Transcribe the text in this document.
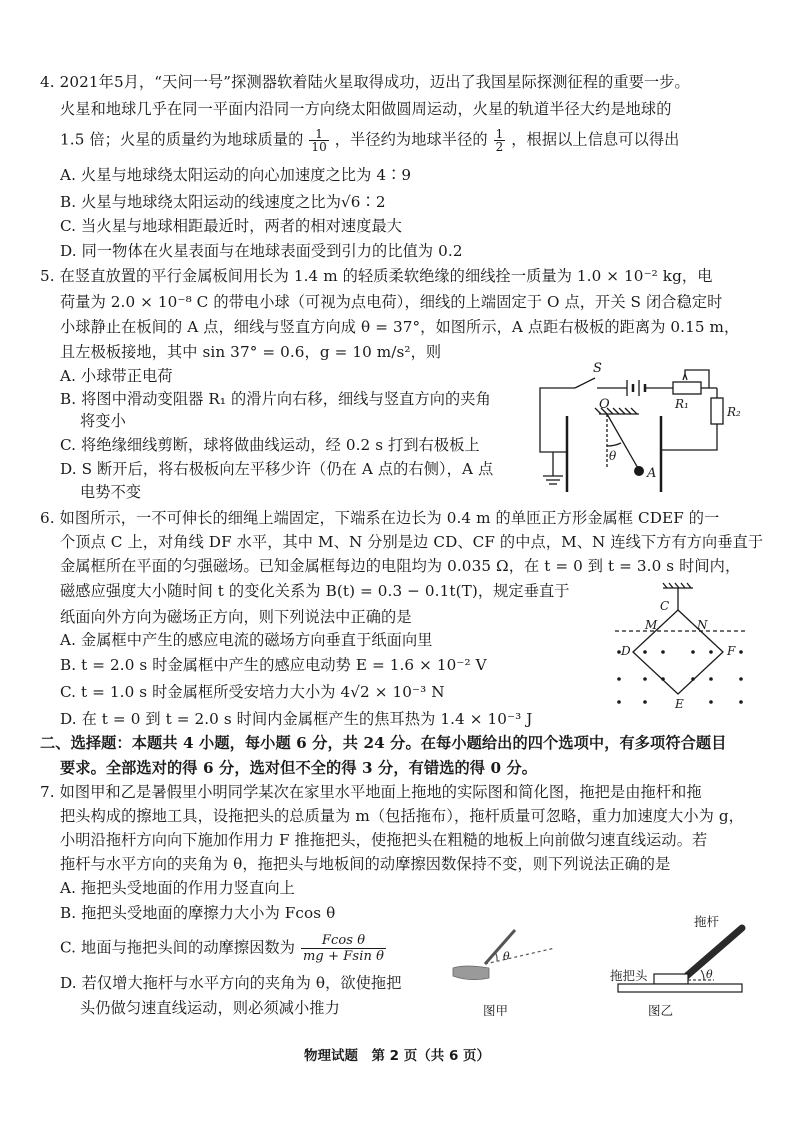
4. 2021年5月，“天问一号”探测器软着陆火星取得成功，迈出了我国星际探测征程的重要一步。
火星和地球几乎在同一平面内沿同一方向绕太阳做圆周运动，火星的轨道半径大约是地球的
1.5 倍；火星的质量约为地球质量的 $\frac{1}{10}$ ，半径约为地球半径的 $\frac{1}{2}$ ，根据以上信息可以得出
A. 火星与地球绕太阳运动的向心加速度之比为 4∶9
B. 火星与地球绕太阳运动的线速度之比为√6∶2
C. 当火星与地球相距最近时，两者的相对速度最大
D. 同一物体在火星表面与在地球表面受到引力的比值为 0.2
5. 在竖直放置的平行金属板间用长为 1.4 m 的轻质柔软绝缘的细线拴一质量为 1.0 × 10⁻² kg，电
荷量为 2.0 × 10⁻⁸ C 的带电小球（可视为点电荷），细线的上端固定于 O 点，开关 S 闭合稳定时
小球静止在板间的 A 点，细线与竖直方向成 θ = 37°，如图所示，A 点距右极板的距离为 0.15 m，
且左极板接地，其中 sin 37° = 0.6，g = 10 m/s²，则
A. 小球带正电荷
B. 将图中滑动变阻器 R₁ 的滑片向右移，细线与竖直方向的夹角
将变小
C. 将绝缘细线剪断，球将做曲线运动，经 0.2 s 打到右极板上
D. S 断开后，将右极板向左平移少许（仍在 A 点的右侧），A 点
电势不变
S
O
θ
A
R₁
R₂
6. 如图所示，一不可伸长的细绳上端固定，下端系在边长为 0.4 m 的单匝正方形金属框 CDEF 的一
个顶点 C 上，对角线 DF 水平，其中 M、N 分别是边 CD、CF 的中点，M、N 连线下方有方向垂直于
金属框所在平面的匀强磁场。已知金属框每边的电阻均为 0.035 Ω，在 t = 0 到 t = 3.0 s 时间内，
磁感应强度大小随时间 t 的变化关系为 B(t) = 0.3 − 0.1t(T)，规定垂直于
纸面向外方向为磁场正方向，则下列说法中正确的是
A. 金属框中产生的感应电流的磁场方向垂直于纸面向里
B. t = 2.0 s 时金属框中产生的感应电动势 E = 1.6 × 10⁻² V
C. t = 1.0 s 时金属框所受安培力大小为 4√2 × 10⁻³ N
D. 在 t = 0 到 t = 2.0 s 时间内金属框产生的焦耳热为 1.4 × 10⁻³ J
C
M	N
D	F
E
二、选择题：本题共 4 小题，每小题 6 分，共 24 分。在每小题给出的四个选项中，有多项符合题目
要求。全部选对的得 6 分，选对但不全的得 3 分，有错选的得 0 分。
7. 如图甲和乙是暑假里小明同学某次在家里水平地面上拖地的实际图和简化图，拖把是由拖杆和拖
把头构成的擦地工具，设拖把头的总质量为 m（包括拖布），拖杆质量可忽略，重力加速度大小为 g，
小明沿拖杆方向向下施加作用力 F 推拖把头，使拖把头在粗糙的地板上向前做匀速直线运动。若
拖杆与水平方向的夹角为 θ，拖把头与地板间的动摩擦因数保持不变，则下列说法正确的是
A. 拖把头受地面的作用力竖直向上
B. 拖把头受地面的摩擦力大小为 Fcos θ
C. 地面与拖把头间的动摩擦因数为 $\frac{\text{Fcos θ}}{\text{mg + Fsin θ}}$
D. 若仅增大拖杆与水平方向的夹角为 θ，欲使拖把
头仍做匀速直线运动，则必须减小推力
θ
图甲
θ
拖杆
拖把头
图乙
物理试题　第 2 页（共 6 页）
